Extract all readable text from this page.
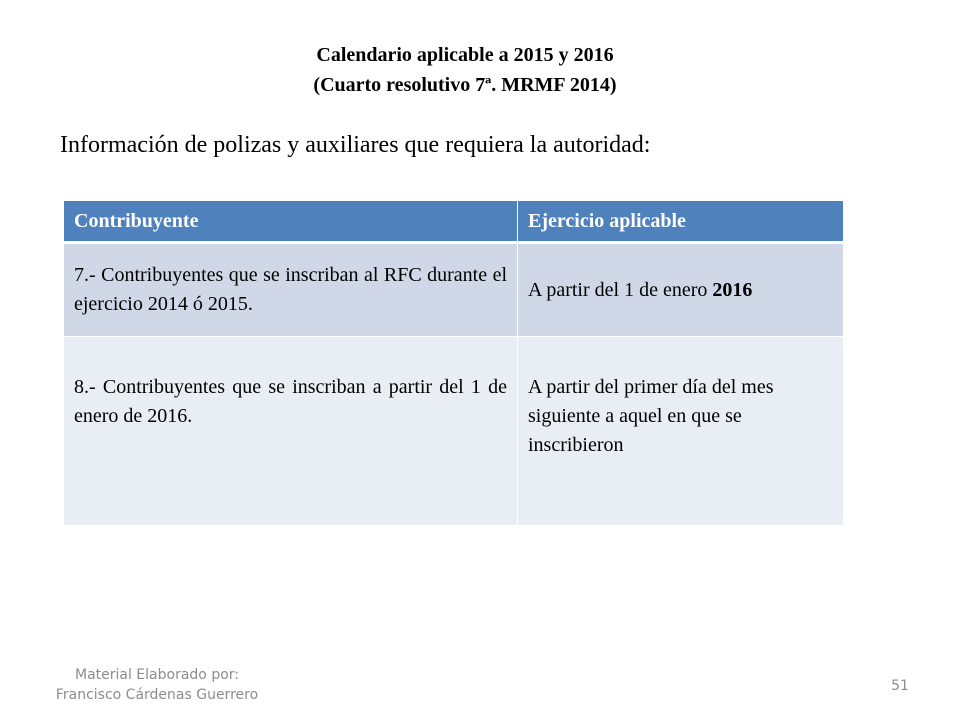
Calendario aplicable a 2015 y 2016
(Cuarto resolutivo 7ª. MRMF 2014)
Información de polizas y auxiliares que requiera la autoridad:
Contribuyente	Ejercicio aplicable
7.- Contribuyentes que se inscriban al RFC durante el ejercicio 2014 ó 2015.	A partir del 1 de enero 2016
8.- Contribuyentes que se inscriban a partir del 1 de enero de 2016.	A partir del primer día del mes siguiente a aquel en que se inscribieron
Material Elaborado por:
Francisco Cárdenas Guerrero
51
